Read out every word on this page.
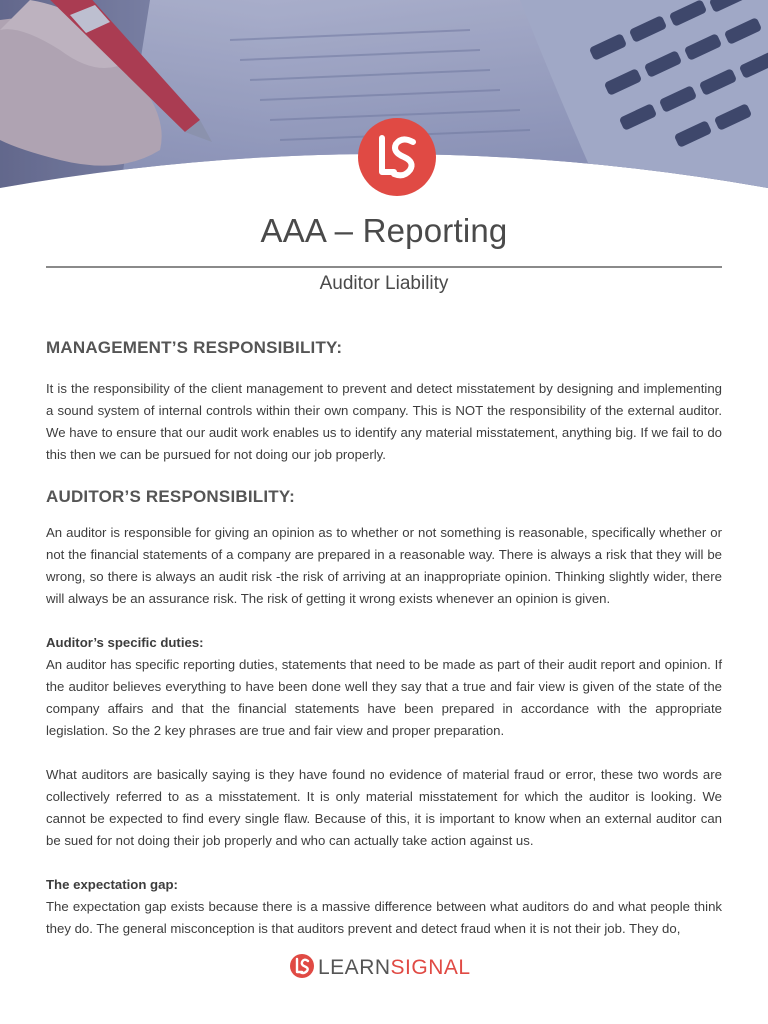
AAA – Reporting
Auditor Liability
MANAGEMENT’S RESPONSIBILITY:

It is the responsibility of the client management to prevent and detect misstatement by designing and implementing a sound system of internal controls within their own company. This is NOT the responsibility of the external auditor. We have to ensure that our audit work enables us to identify any material misstatement, anything big. If we fail to do this then we can be pursued for not doing our job properly.

AUDITOR’S RESPONSIBILITY:

An auditor is responsible for giving an opinion as to whether or not something is reasonable, specifically whether or not the financial statements of a company are prepared in a reasonable way. There is always a risk that they will be wrong, so there is always an audit risk -the risk of arriving at an inappropriate opinion. Thinking slightly wider, there will always be an assurance risk. The risk of getting it wrong exists whenever an opinion is given.

Auditor’s specific duties:

An auditor has specific reporting duties, statements that need to be made as part of their audit report and opinion. If the auditor believes everything to have been done well they say that a true and fair view is given of the state of the company affairs and that the financial statements have been prepared in accordance with the appropriate legislation. So the 2 key phrases are true and fair view and proper preparation.

What auditors are basically saying is they have found no evidence of material fraud or error, these two words are collectively referred to as a misstatement. It is only material misstatement for which the auditor is looking. We cannot be expected to find every single flaw. Because of this, it is important to know when an external auditor can be sued for not doing their job properly and who can actually take action against us.

The expectation gap:

The expectation gap exists because there is a massive difference between what auditors do and what people think they do. The general misconception is that auditors prevent and detect fraud when it is not their job. They do,

LEARNSIGNAL
